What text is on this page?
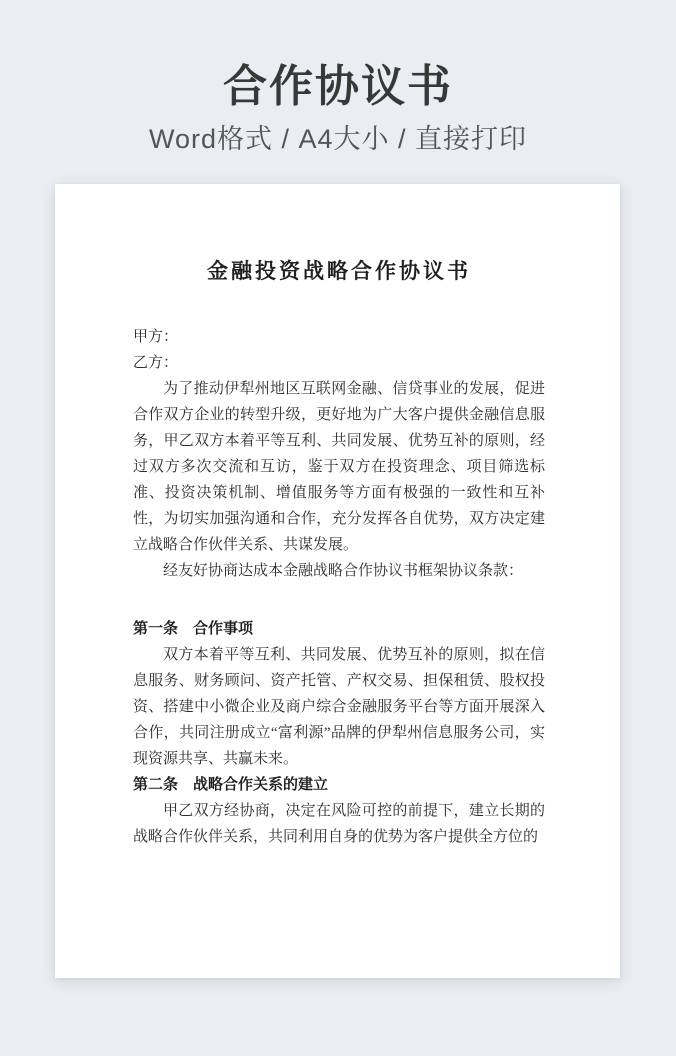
合作协议书
Word格式 / A4大小 / 直接打印
金融投资战略合作协议书
甲方：
乙方：

为了推动伊犁州地区互联网金融、信贷事业的发展，促进合作双方企业的转型升级，更好地为广大客户提供金融信息服务，甲乙双方本着平等互利、共同发展、优势互补的原则，经过双方多次交流和互访，鉴于双方在投资理念、项目筛选标准、投资决策机制、增值服务等方面有极强的一致性和互补性，为切实加强沟通和合作，充分发挥各自优势，双方决定建立战略合作伙伴关系、共谋发展。

经友好协商达成本金融战略合作协议书框架协议条款：

第一条　合作事项

双方本着平等互利、共同发展、优势互补的原则，拟在信息服务、财务顾问、资产托管、产权交易、担保租赁、股权投资、搭建中小微企业及商户综合金融服务平台等方面开展深入合作，共同注册成立“富利源”品牌的伊犁州信息服务公司，实现资源共享、共赢未来。

第二条　战略合作关系的建立

甲乙双方经协商，决定在风险可控的前提下，建立长期的战略合作伙伴关系，共同利用自身的优势为客户提供全方位的
